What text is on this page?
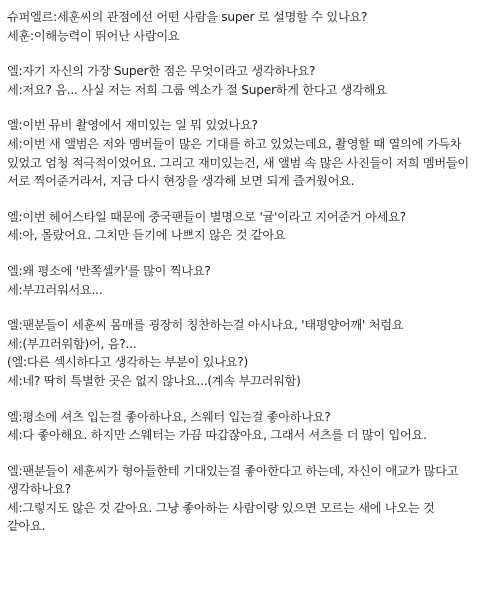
슈퍼엘르:세훈씨의 관점에선 어떤 사람을 super 로 설명할 수 있나요?

세훈:이해능력이 뛰어난 사람이요

엘:자기 자신의 가장 Super한 점은 무엇이라고 생각하나요?

세:저요? 음... 사실 저는 저희 그룹 엑소가 절 Super하게 한다고 생각해요

엘:이번 뮤비 촬영에서 재미있는 일 뭐 있었나요?

세:이번 새 앨범은 저와 멤버들이 많은 기대를 하고 있었는데요, 촬영할 때 열의에 가득차 있었고 엄청 적극적이었어요. 그리고 재미있는건, 새 앨범 속 많은 사진들이 저희 멤버들이 서로 찍어준거라서, 지금 다시 현장을 생각해 보면 되게 즐거웠어요.

엘:이번 헤어스타일 때문에 중국팬들이 별명으로 '귤'이라고 지어준거 아세요?

세:아, 몰랐어요. 그치만 듣기에 나쁘지 않은 것 같아요

엘:왜 평소에 '반쪽셀카'를 많이 찍나요?

세:부끄러워서요...

엘:팬분들이 세훈씨 몸매를 굉장히 칭찬하는걸 아시나요, '태평양어깨' 처럼요

세:(부끄러워함)어, 음?...

(엘:다른 섹시하다고 생각하는 부분이 있나요?)

세:네? 딱히 특별한 곳은 없지 않나요...(계속 부끄러워함)

엘:평소에 셔츠 입는걸 좋아하나요, 스웨터 입는걸 좋아하나요?

세:다 좋아해요. 하지만 스웨터는 가끔 따갑잖아요, 그래서 셔츠를 더 많이 입어요.

엘:팬분들이 세훈씨가 형아들한테 기대있는걸 좋아한다고 하는데, 자신이 애교가 많다고 생각하나요?

세:그렇지도 않은 것 같아요. 그냥 좋아하는 사람이랑 있으면 모르는 새에 나오는 것 같아요.
